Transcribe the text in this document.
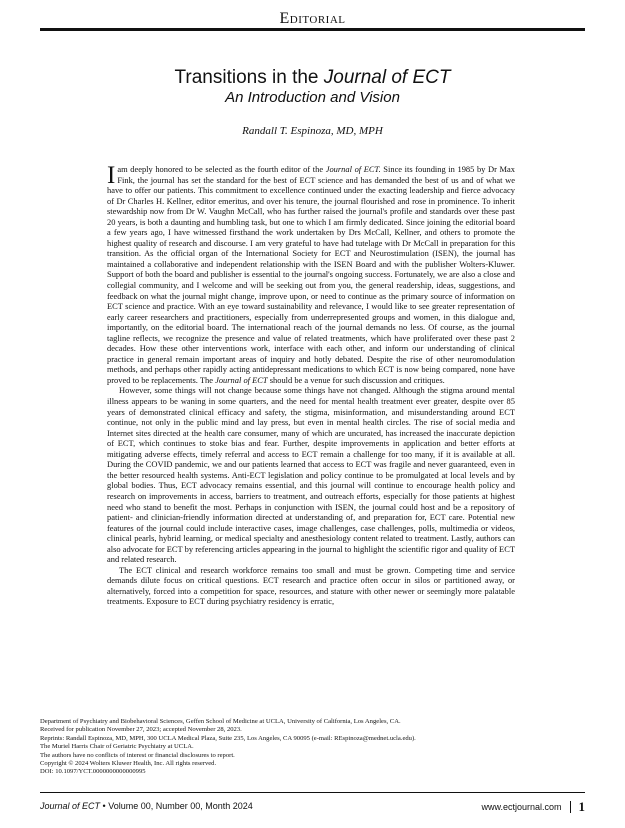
Editorial
Transitions in the Journal of ECT
An Introduction and Vision
Randall T. Espinoza, MD, MPH

Iam deeply honored to be selected as the fourth editor of the Journal of ECT. Since its founding in 1985 by Dr Max Fink, the journal has set the standard for the best of ECT science and has demanded the best of us and of what we have to offer our patients. This commitment to excellence continued under the exacting leadership and fierce advocacy of Dr Charles H. Kellner, editor emeritus, and over his tenure, the journal flourished and rose in prominence. To inherit stewardship now from Dr W. Vaughn McCall, who has further raised the journal's profile and standards over these past 20 years, is both a daunting and humbling task, but one to which I am firmly dedicated. Since joining the editorial board a few years ago, I have witnessed firsthand the work undertaken by Drs McCall, Kellner, and others to promote the highest quality of research and discourse. I am very grateful to have had tutelage with Dr McCall in preparation for this transition. As the official organ of the International Society for ECT and Neurostimulation (ISEN), the journal has maintained a collaborative and independent relationship with the ISEN Board and with the publisher Wolters-Kluwer. Support of both the board and publisher is essential to the journal's ongoing success. Fortunately, we are also a close and collegial community, and I welcome and will be seeking out from you, the general readership, ideas, suggestions, and feedback on what the journal might change, improve upon, or need to continue as the primary source of information on ECT science and practice. With an eye toward sustainability and relevance, I would like to see greater representation of early career researchers and practitioners, especially from underrepresented groups and women, in this dialogue and, importantly, on the editorial board. The international reach of the journal demands no less. Of course, as the journal tagline reflects, we recognize the presence and value of related treatments, which have proliferated over these past 2 decades. How these other interventions work, interface with each other, and inform our understanding of clinical practice in general remain important areas of inquiry and hotly debated. Despite the rise of other neuromodulation methods, and perhaps other rapidly acting antidepressant medications to which ECT is now being compared, none have proved to be replacements. The Journal of ECT should be a venue for such discussion and critiques.

However, some things will not change because some things have not changed. Although the stigma around mental illness appears to be waning in some quarters, and the need for mental health treatment ever greater, despite over 85 years of demonstrated clinical efficacy and safety, the stigma, misinformation, and misunderstanding around ECT continue, not only in the public mind and lay press, but even in mental health circles. The rise of social media and Internet sites directed at the health care consumer, many of which are uncurated, has increased the inaccurate depiction of ECT, which continues to stoke bias and fear. Further, despite improvements in application and better efforts at mitigating adverse effects, timely referral and access to ECT remain a challenge for too many, if it is available at all. During the COVID pandemic, we and our patients learned that access to ECT was fragile and never guaranteed, even in the better resourced health systems. Anti-ECT legislation and policy continue to be promulgated at local levels and by global bodies. Thus, ECT advocacy remains essential, and this journal will continue to encourage health policy and research on improvements in access, barriers to treatment, and outreach efforts, especially for those patients at highest need who stand to benefit the most. Perhaps in conjunction with ISEN, the journal could host and be a repository of patient- and clinician-friendly information directed at understanding of, and preparation for, ECT care. Potential new features of the journal could include interactive cases, image challenges, case challenges, polls, multimedia or videos, clinical pearls, hybrid learning, or medical specialty and anesthesiology content related to treatment. Lastly, authors can also advocate for ECT by referencing articles appearing in the journal to highlight the scientific rigor and quality of ECT and related research.

The ECT clinical and research workforce remains too small and must be grown. Competing time and service demands dilute focus on critical questions. ECT research and practice often occur in silos or partitioned away, or alternatively, forced into a competition for space, resources, and stature with other newer or seemingly more palatable treatments. Exposure to ECT during psychiatry residency is erratic,

Department of Psychiatry and Biobehavioral Sciences, Geffen School of Medicine at UCLA, University of California, Los Angeles, CA.
Received for publication November 27, 2023; accepted November 28, 2023.
Reprints: Randall Espinoza, MD, MPH, 300 UCLA Medical Plaza, Suite 235, Los Angeles, CA 90095 (e-mail: REspinoza@mednet.ucla.edu).
The Muriel Harris Chair of Geriatric Psychiatry at UCLA.
The authors have no conflicts of interest or financial disclosures to report.
Copyright © 2024 Wolters Kluwer Health, Inc. All rights reserved.
DOI: 10.1097/YCT.0000000000000995
Journal of ECT • Volume 00, Number 00, Month 2024	www.ectjournal.com 1
